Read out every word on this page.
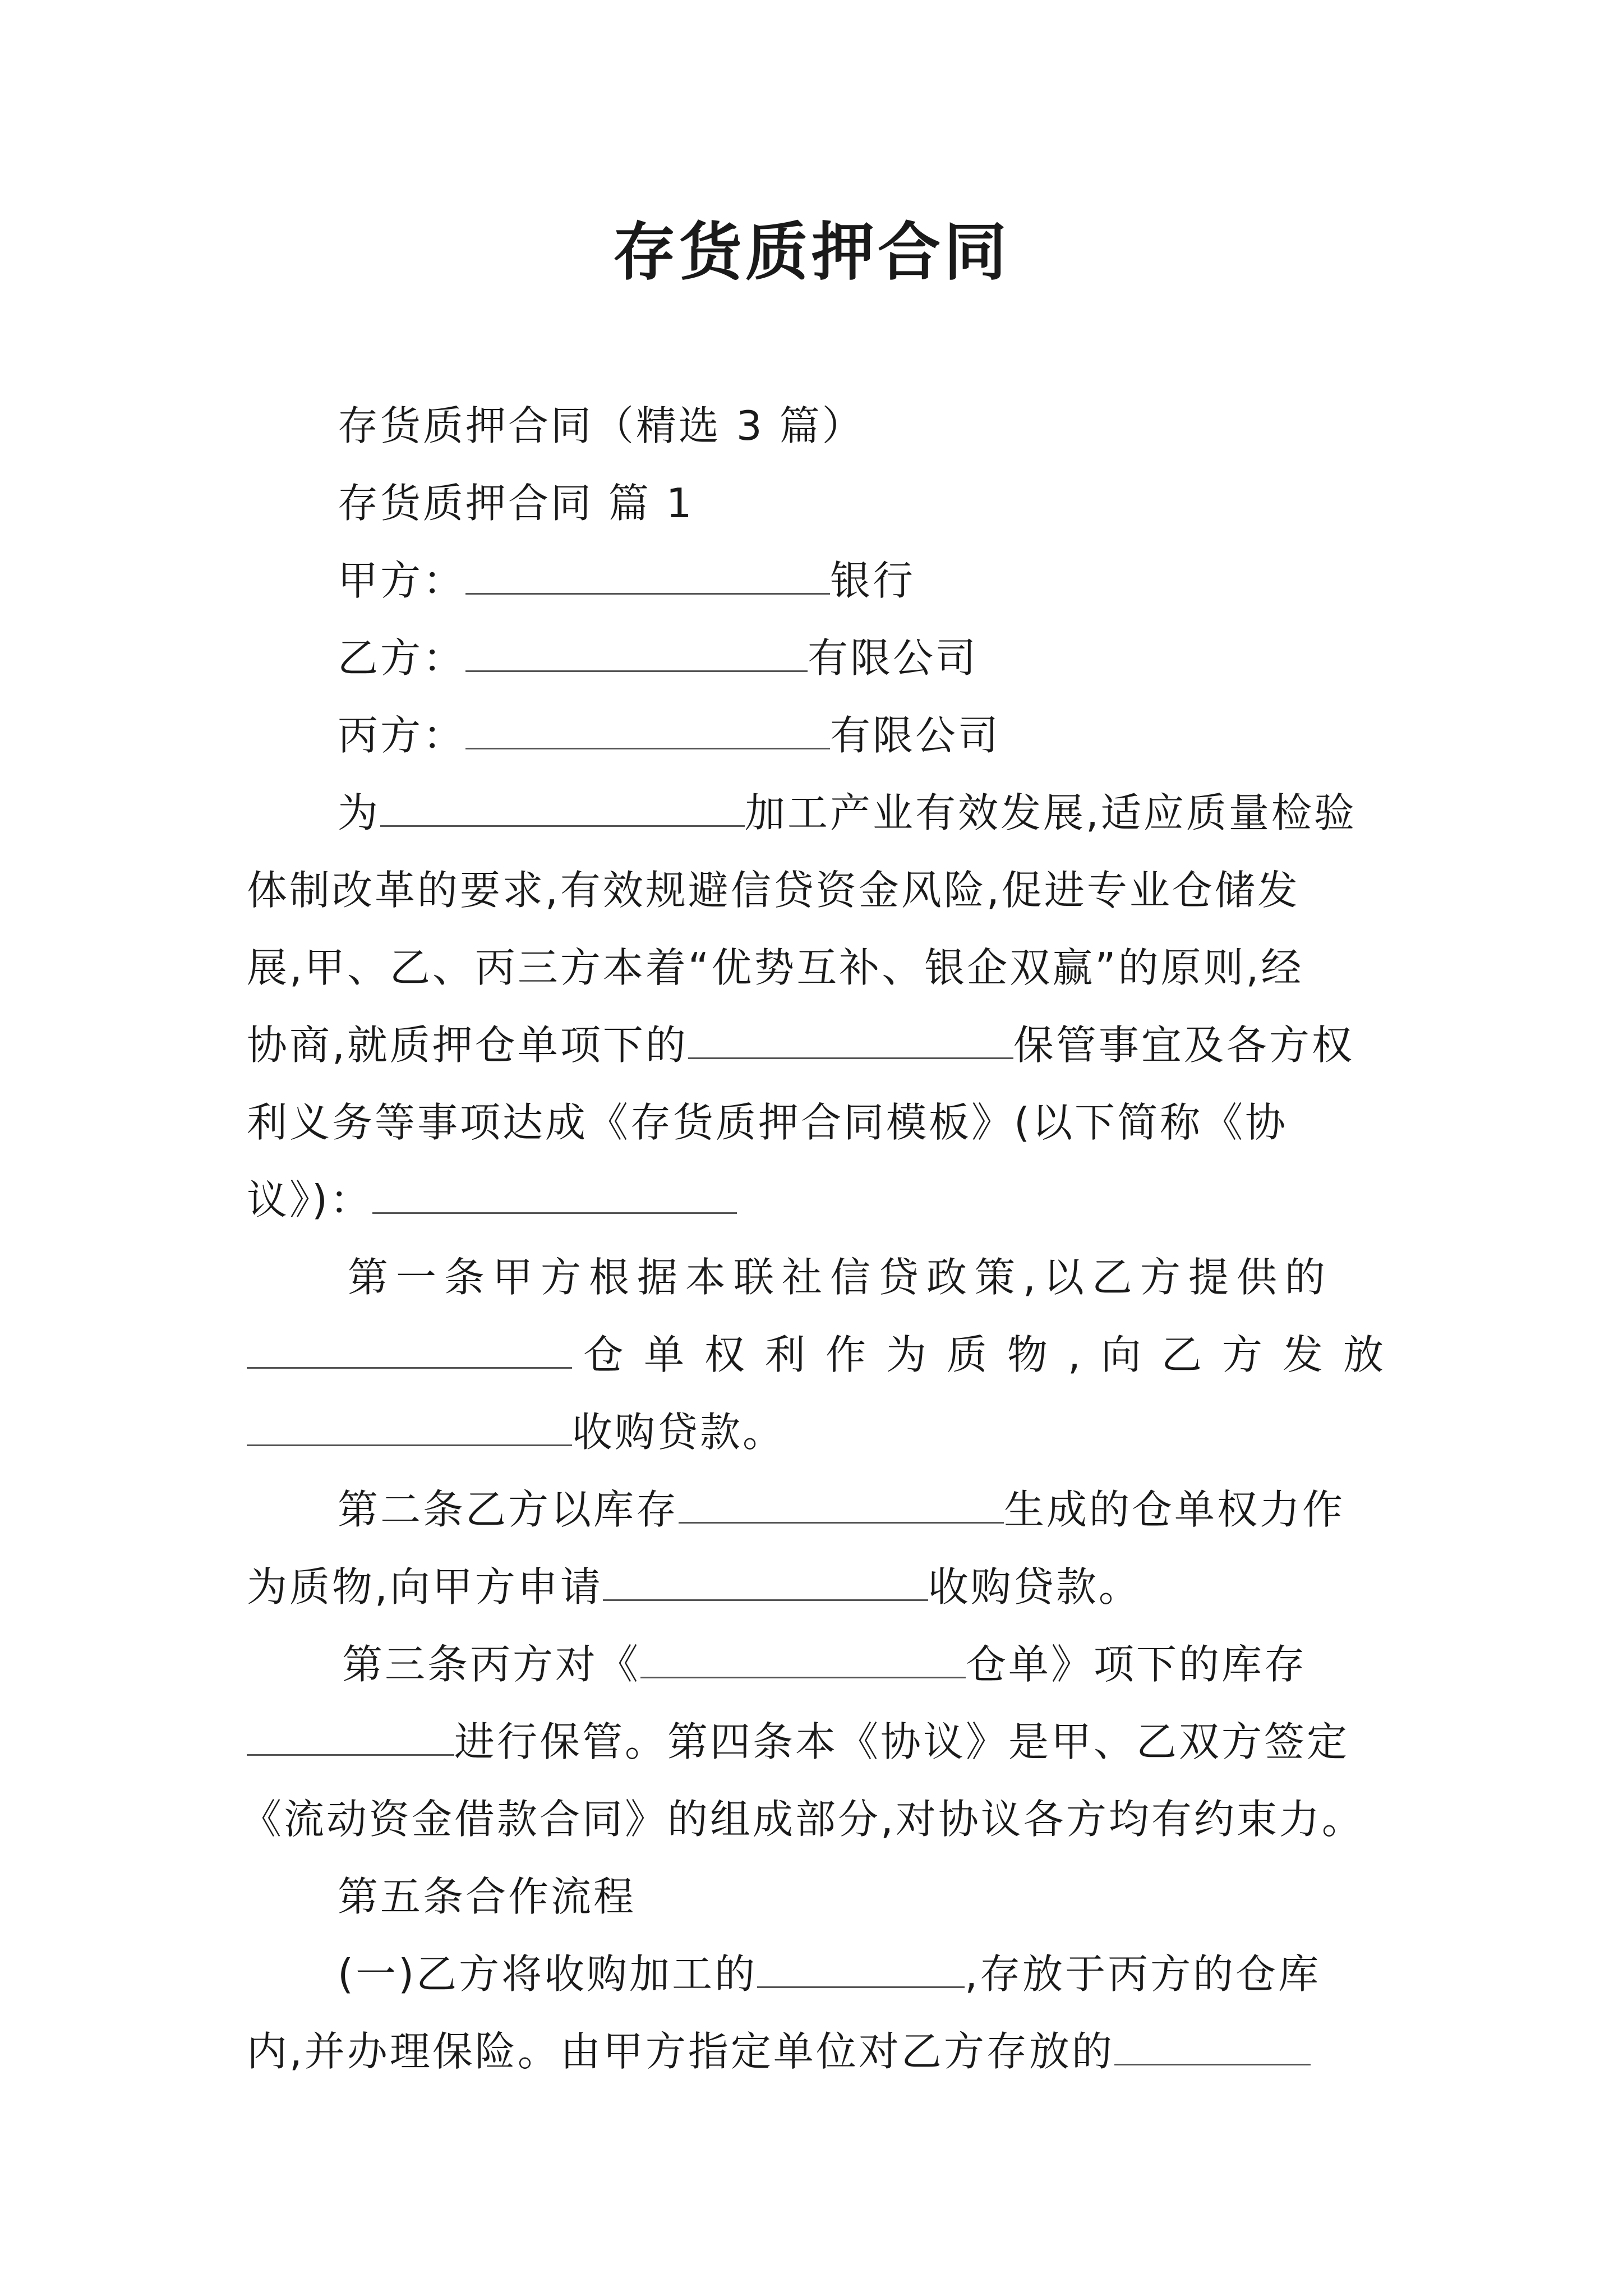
存货质押合同
存货质押合同（精选 3 篇）
存货质押合同 篇 1
甲方：	银行
乙方：	有限公司
丙方：	有限公司
为	加工产业有效发展,适应质量检验
体制改革的要求,有效规避信贷资金风险,促进专业仓储发
展,甲、乙、丙三方本着“优势互补、银企双赢”的原则,经
协商,就质押仓单项下的	保管事宜及各方权
利义务等事项达成《存货质押合同模板》(以下简称《协
议》)：
第一条甲方根据本联社信贷政策,以乙方提供的
仓单权利作为质物,向乙方发放
收购贷款。
第二条乙方以库存	生成的仓单权力作
为质物,向甲方申请	收购贷款。
第三条丙方对《	仓单》项下的库存
进行保管。第四条本《协议》是甲、乙双方签定
《流动资金借款合同》的组成部分,对协议各方均有约束力。
第五条合作流程
(一)乙方将收购加工的	,存放于丙方的仓库
内,并办理保险。由甲方指定单位对乙方存放的
